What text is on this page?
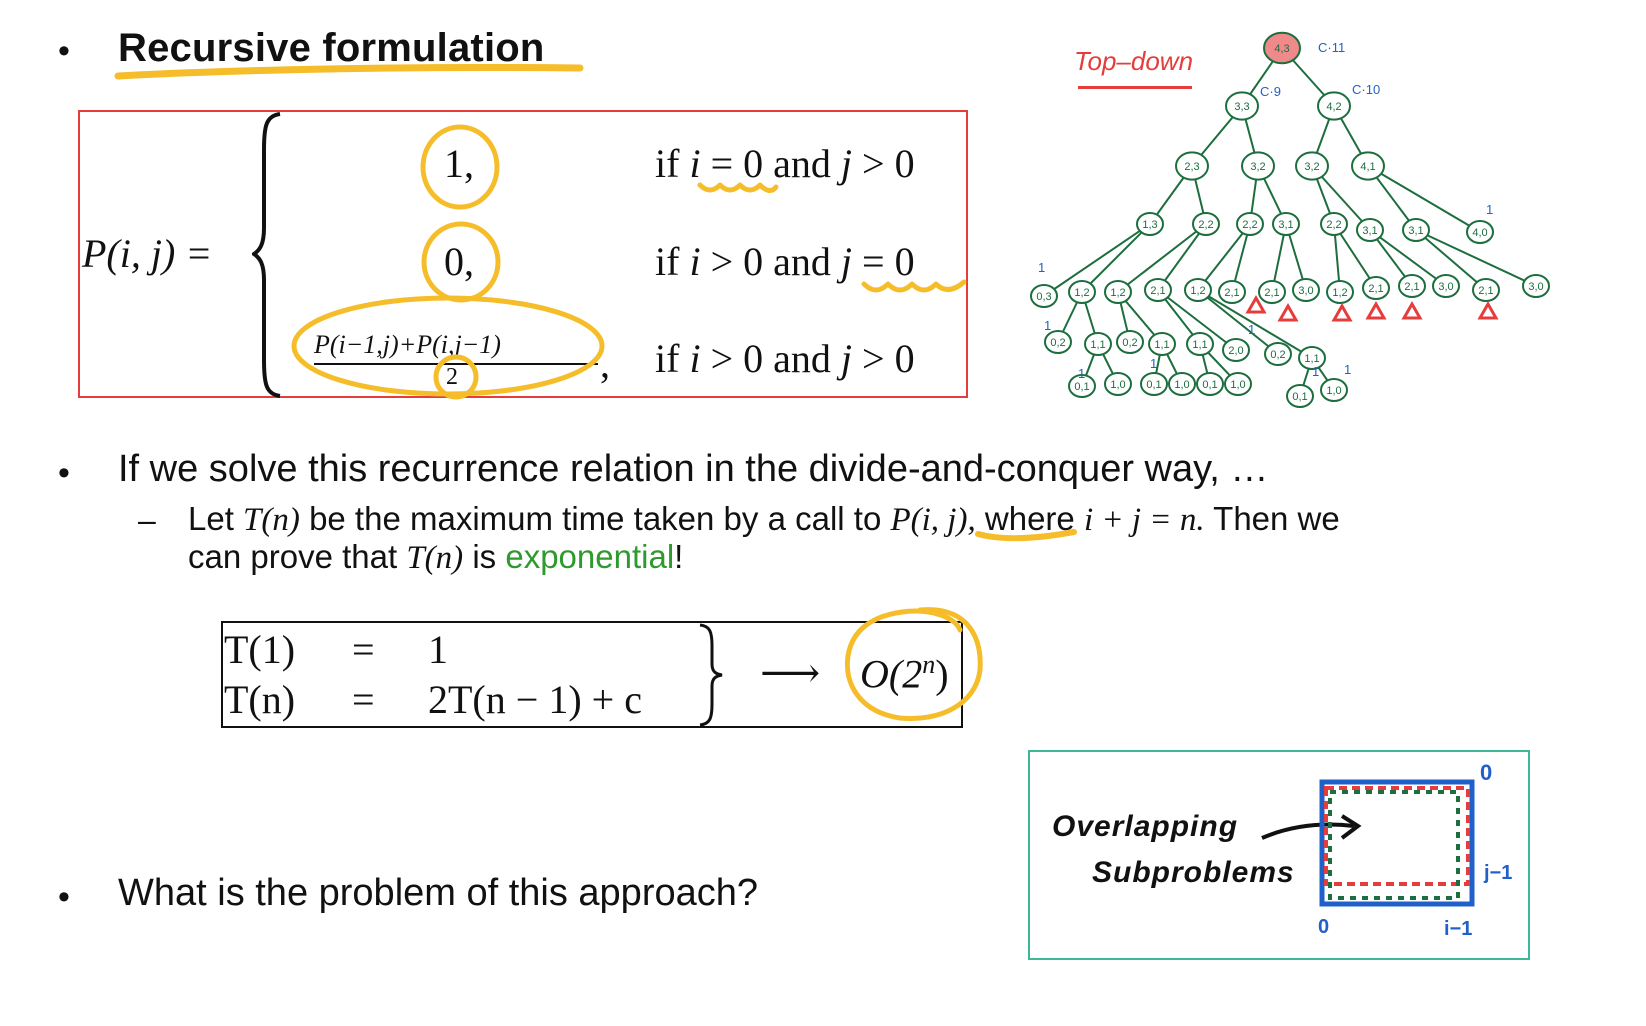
• Recursive formulation
P(i, j) =
1,	if i = 0 and j > 0
0,	if i > 0 and j = 0
P(i−1,j)+P(i,j−1)
2	, if i > 0 and j > 0
Top–down	4,3
3,3	4,2
2,3	3,2	3,2	4,1
1,3	2,2	2,2 3,1	2,2 3,1	3,1	4,0
0,3 1,2 1,2 2,1 1,2 2,1 2,1 3,0 1,2 2,1 2,1 3,0 2,1	3,0
0,2 1,1 0,2 1,1 1,1 2,0 0,2 1,1
0,1 1,0 0,1 1,0 0,1 1,0
0,1 1,0
C·11
C·9	C·10
1
1
1
1
1
1
1 1
• If we solve this recurrence relation in the divide-and-conquer way, …
– Let T(n) be the maximum time taken by a call to P(i, j), where i + j = n. Then we
can prove that T(n) is exponential!
T(1) = 1
T(n) = 2T(n − 1) + c
⟶ O(2$^n$)
• What is the problem of this approach?
Overlapping
Subproblems
0
0
j−1
i−1
